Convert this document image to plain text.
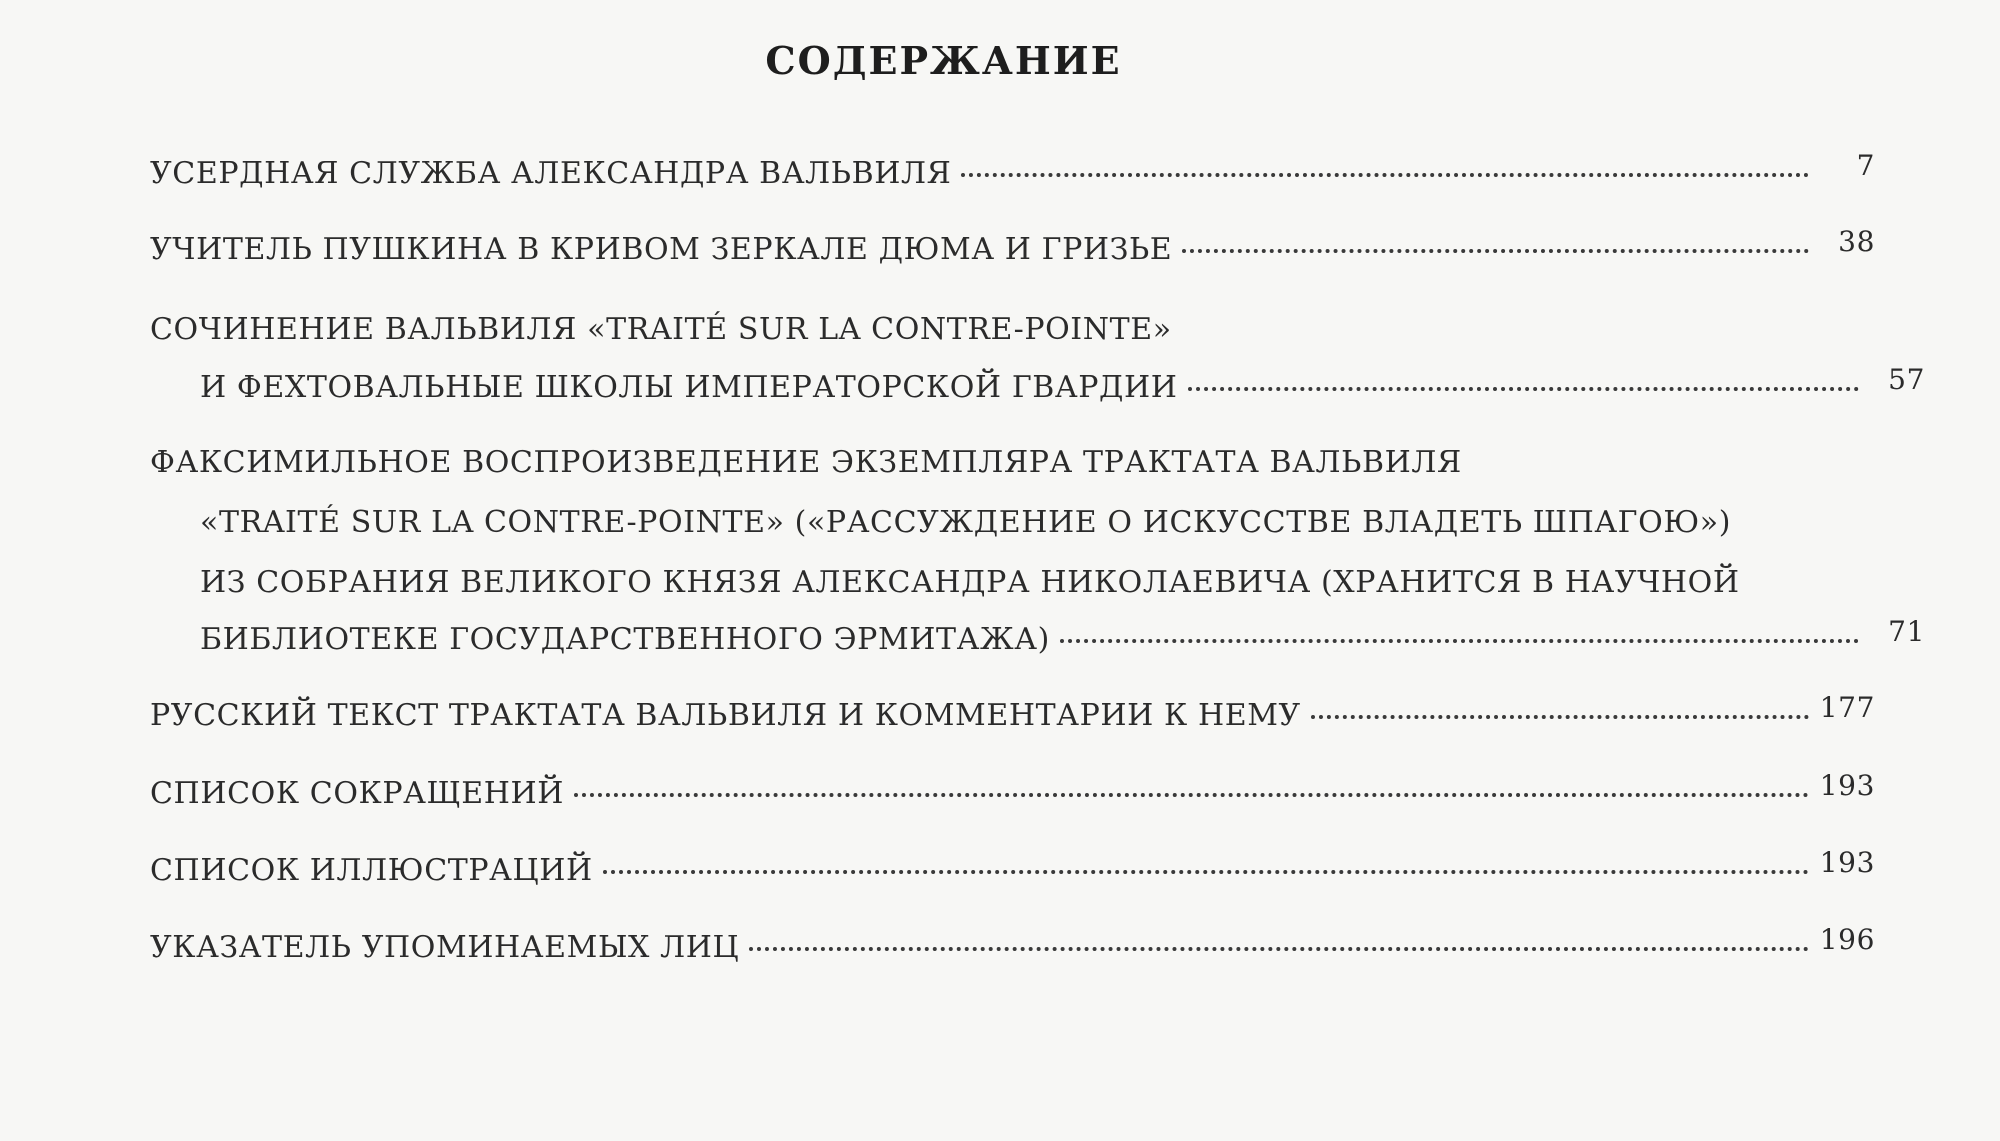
СОДЕРЖАНИЕ
УСЕРДНАЯ СЛУЖБА АЛЕКСАНДРА ВАЛЬВИЛЯ	7
УЧИТЕЛЬ ПУШКИНА В КРИВОМ ЗЕРКАЛЕ ДЮМА И ГРИЗЬЕ	38
СОЧИНЕНИЕ ВАЛЬВИЛЯ «TRAITÉ SUR LA CONTRE-POINTE»
И ФЕХТОВАЛЬНЫЕ ШКОЛЫ ИМПЕРАТОРСКОЙ ГВАРДИИ	57
ФАКСИМИЛЬНОЕ ВОСПРОИЗВЕДЕНИЕ ЭКЗЕМПЛЯРА ТРАКТАТА ВАЛЬВИЛЯ
«TRAITÉ SUR LA CONTRE-POINTE» («РАССУЖДЕНИЕ О ИСКУССТВЕ ВЛАДЕТЬ ШПАГОЮ»)
ИЗ СОБРАНИЯ ВЕЛИКОГО КНЯЗЯ АЛЕКСАНДРА НИКОЛАЕВИЧА (ХРАНИТСЯ В НАУЧНОЙ
БИБЛИОТЕКЕ ГОСУДАРСТВЕННОГО ЭРМИТАЖА)	71
РУССКИЙ ТЕКСТ ТРАКТАТА ВАЛЬВИЛЯ И КОММЕНТАРИИ К НЕМУ	177
СПИСОК СОКРАЩЕНИЙ	193
СПИСОК ИЛЛЮСТРАЦИЙ	193
УКАЗАТЕЛЬ УПОМИНАЕМЫХ ЛИЦ	196
